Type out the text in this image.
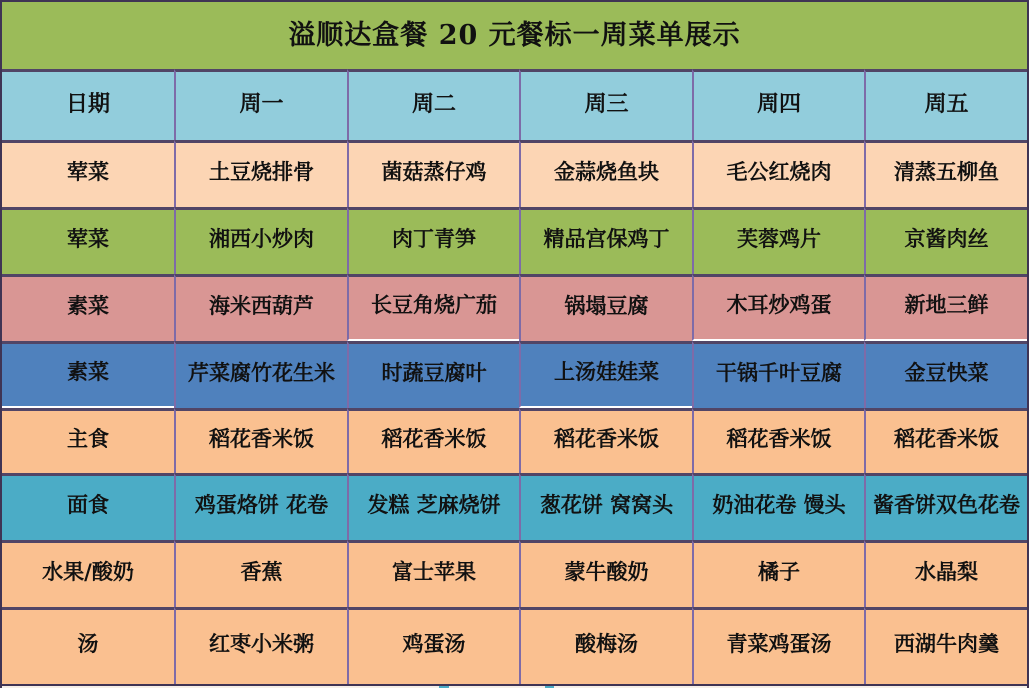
溢顺达盒餐 20 元餐标一周菜单展示
日期	周一	周二	周三	周四	周五
荤菜	土豆烧排骨	菌菇蒸仔鸡	金蒜烧鱼块	毛公红烧肉	清蒸五柳鱼
荤菜	湘西小炒肉	肉丁青笋	精品宫保鸡丁	芙蓉鸡片	京酱肉丝
素菜	海米西葫芦	长豆角烧广茄	锅塌豆腐	木耳炒鸡蛋	新地三鲜
素菜	芹菜腐竹花生米	时蔬豆腐叶	上汤娃娃菜	干锅千叶豆腐	金豆快菜
主食	稻花香米饭	稻花香米饭	稻花香米饭	稻花香米饭	稻花香米饭
面食	鸡蛋烙饼 花卷	发糕 芝麻烧饼	葱花饼 窝窝头	奶油花卷 馒头	酱香饼双色花卷
水果/酸奶	香蕉	富士苹果	蒙牛酸奶	橘子	水晶梨
汤	红枣小米粥	鸡蛋汤	酸梅汤	青菜鸡蛋汤	西湖牛肉羹
